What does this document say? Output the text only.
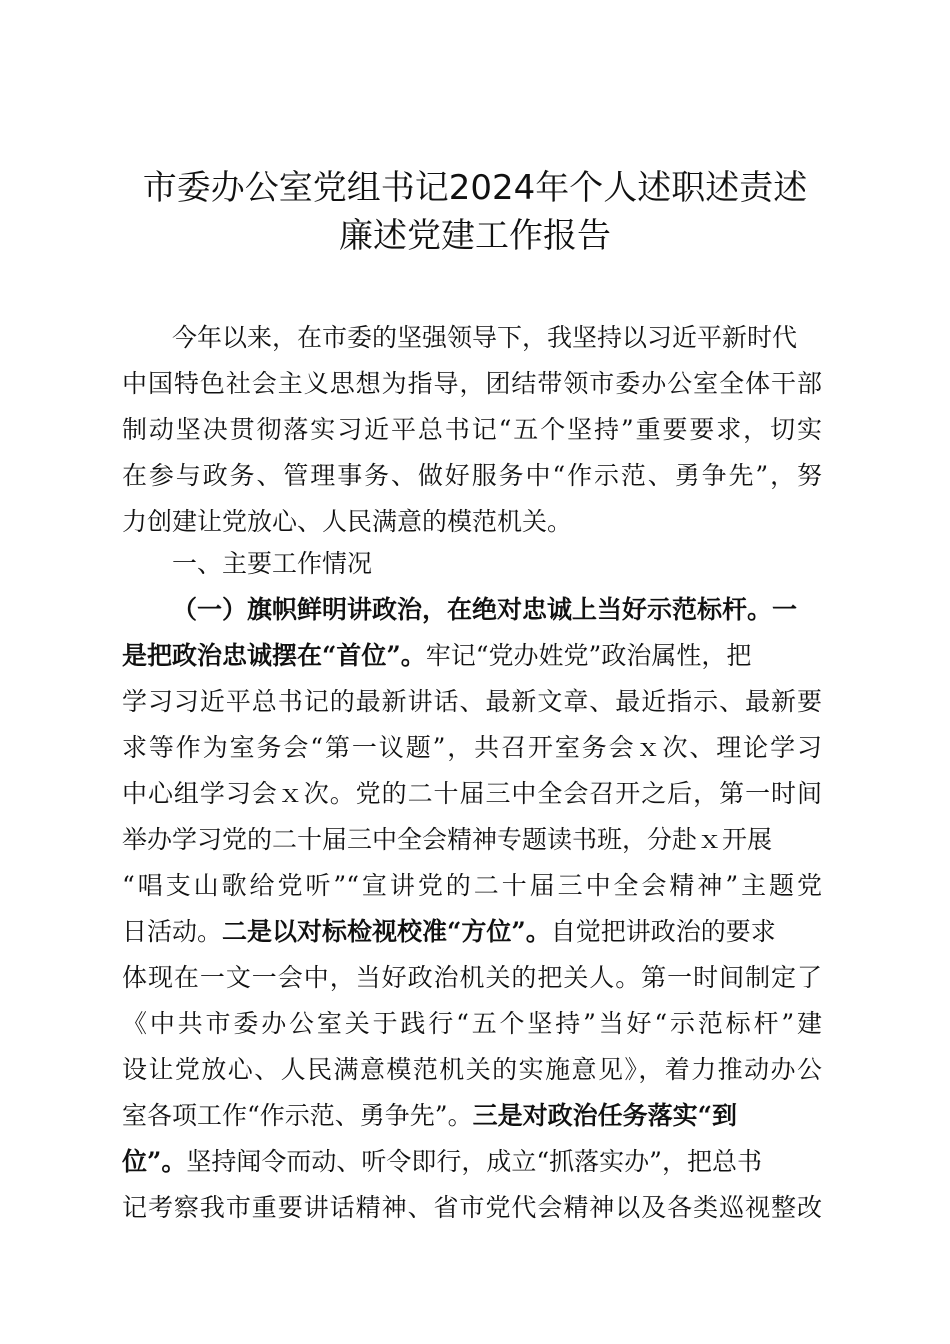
市委办公室党组书记2024年个人述职述责述
廉述党建工作报告
今年以来，在市委的坚强领导下，我坚持以习近平新时代
中国特色社会主义思想为指导，团结带领市委办公室全体干部
制动坚决贯彻落实习近平总书记“五个坚持”重要要求，切实
在参与政务、管理事务、做好服务中“作示范、勇争先”，努
力创建让党放心、人民满意的模范机关。
一、主要工作情况
（一）旗帜鲜明讲政治，在绝对忠诚上当好示范标杆。一
是把政治忠诚摆在“首位”。牢记“党办姓党”政治属性，把
学习习近平总书记的最新讲话、最新文章、最近指示、最新要
求等作为室务会“第一议题”，共召开室务会ｘ次、理论学习
中心组学习会ｘ次。党的二十届三中全会召开之后，第一时间
举办学习党的二十届三中全会精神专题读书班，分赴ｘ开展
“唱支山歌给党听”“宣讲党的二十届三中全会精神”主题党
日活动。二是以对标检视校准“方位”。自觉把讲政治的要求
体现在一文一会中，当好政治机关的把关人。第一时间制定了
《中共市委办公室关于践行“五个坚持”当好“示范标杆”建
设让党放心、人民满意模范机关的实施意见》，着力推动办公
室各项工作“作示范、勇争先”。三是对政治任务落实“到
位”。坚持闻令而动、听令即行，成立“抓落实办”，把总书
记考察我市重要讲话精神、省市党代会精神以及各类巡视整改
